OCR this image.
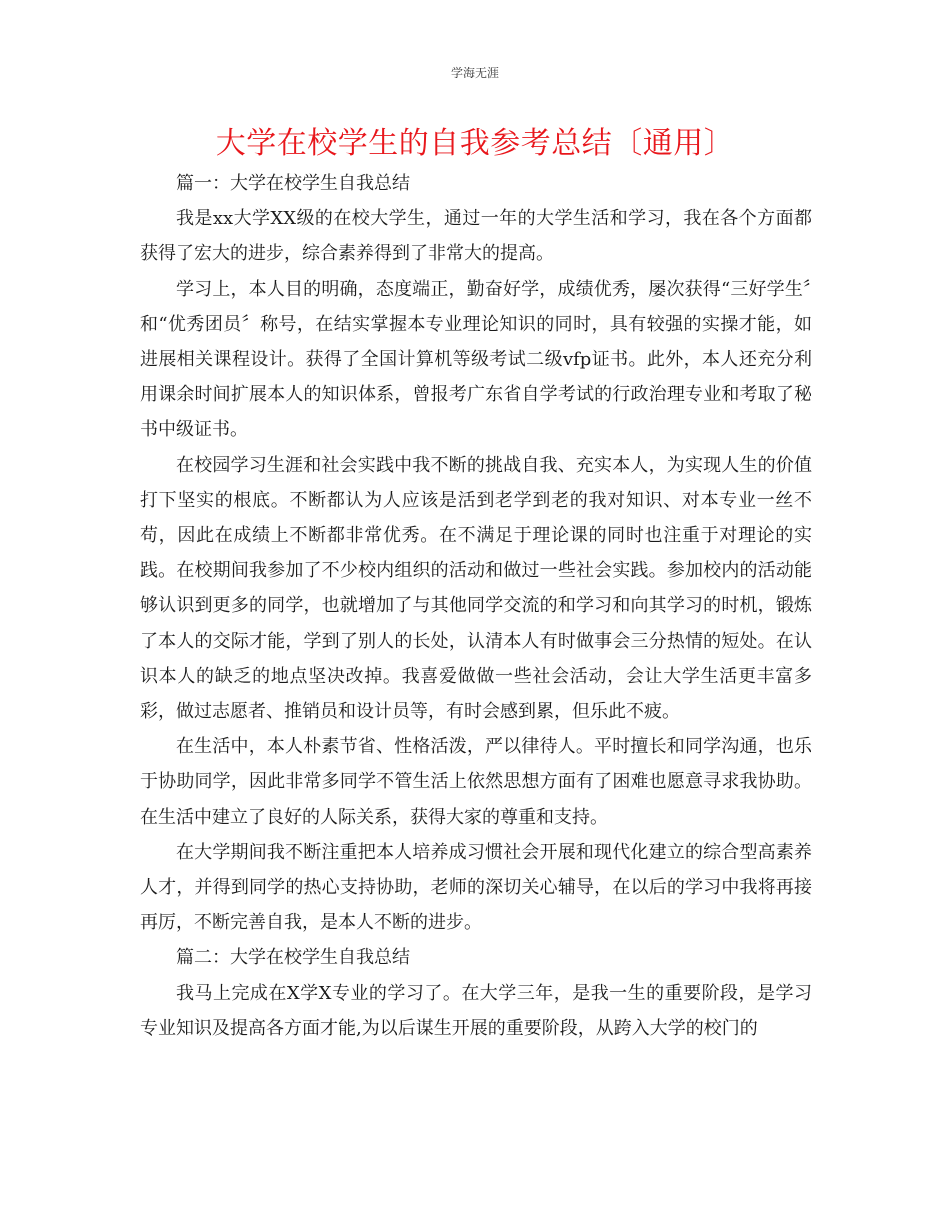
学海无涯
大学在校学生的自我参考总结〔通用〕

篇一：大学在校学生自我总结

我是xx大学XX级的在校大学生，通过一年的大学生活和学习，我在各个方面都获得了宏大的进步，综合素养得到了非常大的提高。

学习上，本人目的明确，态度端正，勤奋好学，成绩优秀，屡次获得“三好学生〞和“优秀团员〞称号，在结实掌握本专业理论知识的同时，具有较强的实操才能，如进展相关课程设计。获得了全国计算机等级考试二级vfp证书。此外，本人还充分利用课余时间扩展本人的知识体系，曾报考广东省自学考试的行政治理专业和考取了秘书中级证书。

在校园学习生涯和社会实践中我不断的挑战自我、充实本人，为实现人生的价值打下坚实的根底。不断都认为人应该是活到老学到老的我对知识、对本专业一丝不苟，因此在成绩上不断都非常优秀。在不满足于理论课的同时也注重于对理论的实践。在校期间我参加了不少校内组织的活动和做过一些社会实践。参加校内的活动能够认识到更多的同学，也就增加了与其他同学交流的和学习和向其学习的时机，锻炼了本人的交际才能，学到了别人的长处，认清本人有时做事会三分热情的短处。在认识本人的缺乏的地点坚决改掉。我喜爱做做一些社会活动，会让大学生活更丰富多彩，做过志愿者、推销员和设计员等，有时会感到累，但乐此不疲。

在生活中，本人朴素节省、性格活泼，严以律待人。平时擅长和同学沟通，也乐于协助同学，因此非常多同学不管生活上依然思想方面有了困难也愿意寻求我协助。在生活中建立了良好的人际关系，获得大家的尊重和支持。

在大学期间我不断注重把本人培养成习惯社会开展和现代化建立的综合型高素养人才，并得到同学的热心支持协助，老师的深切关心辅导，在以后的学习中我将再接再厉，不断完善自我，是本人不断的进步。

篇二：大学在校学生自我总结

我马上完成在X学X专业的学习了。在大学三年，是我一生的重要阶段，是学习专业知识及提高各方面才能,为以后谋生开展的重要阶段，从跨入大学的校门的
